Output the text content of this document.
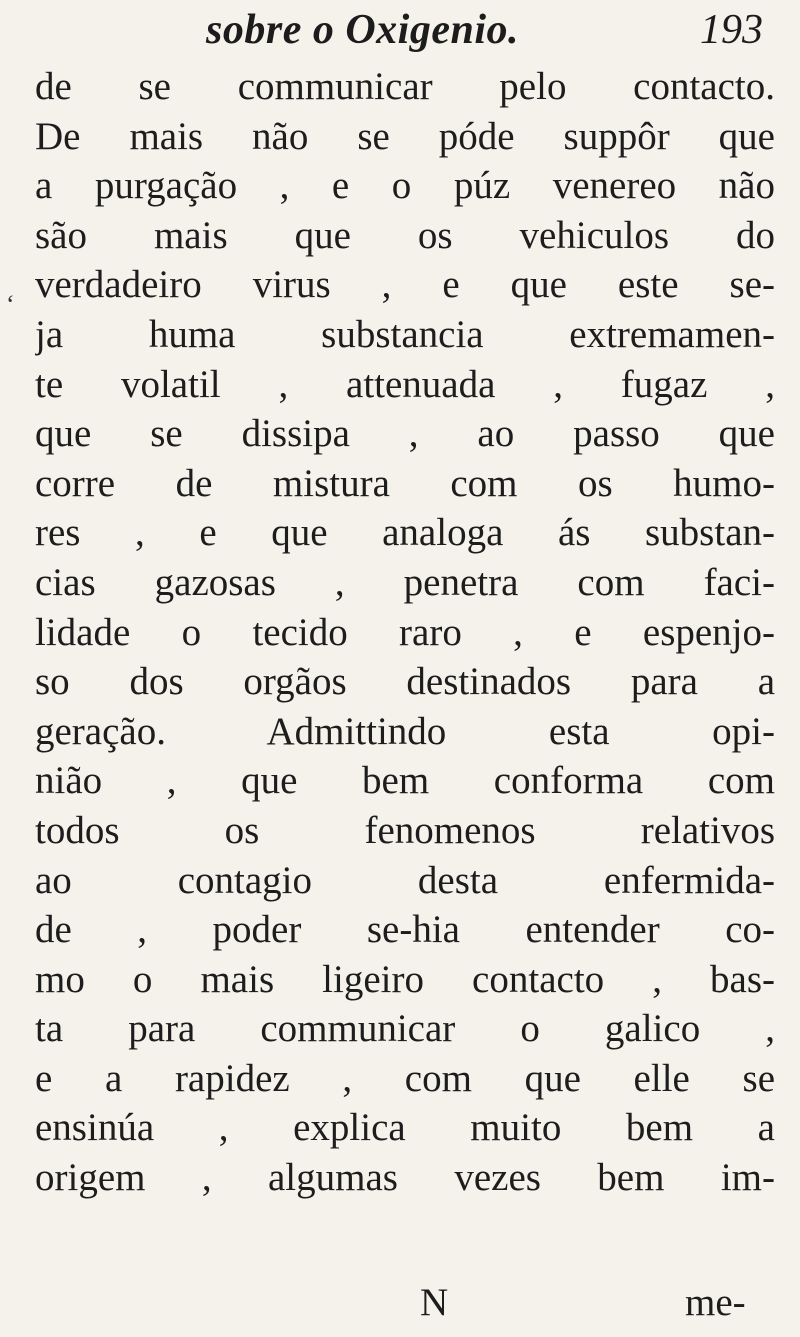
sobre o Oxigenio.	193
‘
de se communicar pelo contacto.
De mais não se póde suppôr que
a purgação , e o púz venereo não
são mais que os vehiculos do
verdadeiro virus , e que este se-
ja huma substancia extremamen-
te volatil , attenuada , fugaz ,
que se dissipa , ao passo que
corre de mistura com os humo-
res , e que analoga ás substan-
cias gazosas , penetra com faci-
lidade o tecido raro , e espenjo-
so dos orgãos destinados para a
geração. Admittindo esta opi-
nião , que bem conforma com
todos os fenomenos relativos
ao contagio desta enfermida-
de , poder se-hia entender co-
mo o mais ligeiro contacto , bas-
ta para communicar o galico ,
e a rapidez , com que elle se
ensinúa , explica muito bem a
origem , algumas vezes bem im-
N	me-
